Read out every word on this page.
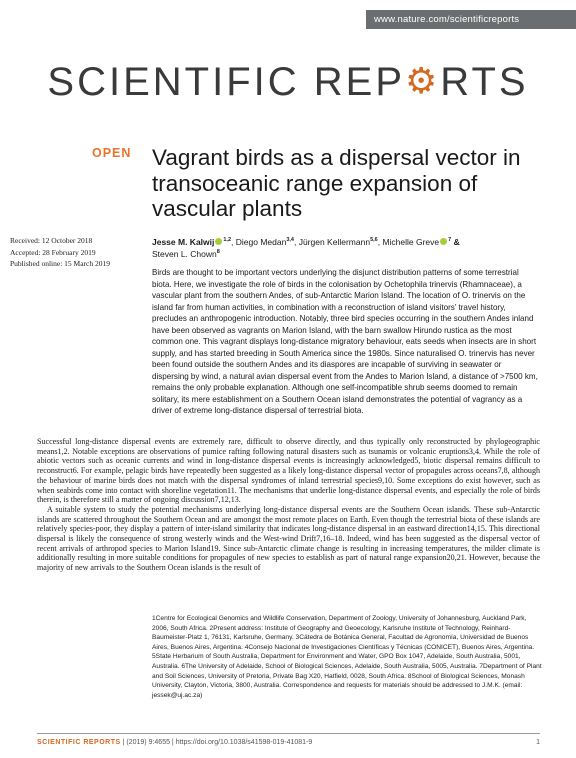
www.nature.com/scientificreports
SCIENTIFIC REP⚙RTS
OPEN Vagrant birds as a dispersal vector in transoceanic range expansion of vascular plants
Received: 12 October 2018
Accepted: 28 February 2019
Published online: 15 March 2019
Jesse M. Kalwij $^{1,2}$, Diego Medan$^{3,4}$, Jürgen Kellermann$^{5,6}$, Michelle Greve $^7$ &
Steven L. Chown$^8$
Birds are thought to be important vectors underlying the disjunct distribution patterns of some terrestrial biota. Here, we investigate the role of birds in the colonisation by Ochetophila trinervis (Rhamnaceae), a vascular plant from the southern Andes, of sub-Antarctic Marion Island. The location of O. trinervis on the island far from human activities, in combination with a reconstruction of island visitors’ travel history, precludes an anthropogenic introduction. Notably, three bird species occurring in the southern Andes inland have been observed as vagrants on Marion Island, with the barn swallow Hirundo rustica as the most common one. This vagrant displays long-distance migratory behaviour, eats seeds when insects are in short supply, and has started breeding in South America since the 1980s. Since naturalised O. trinervis has never been found outside the southern Andes and its diaspores are incapable of surviving in seawater or dispersing by wind, a natural avian dispersal event from the Andes to Marion Island, a distance of >7500 km, remains the only probable explanation. Although one self-incompatible shrub seems doomed to remain solitary, its mere establishment on a Southern Ocean island demonstrates the potential of vagrancy as a driver of extreme long-distance dispersal of terrestrial biota.

Successful long-distance dispersal events are extremely rare, difficult to observe directly, and thus typically only reconstructed by phylogeographic means1,2. Notable exceptions are observations of pumice rafting following natural disasters such as tsunamis or volcanic eruptions3,4. While the role of abiotic vectors such as oceanic currents and wind in long-distance dispersal events is increasingly acknowledged5, biotic dispersal remains difficult to reconstruct6. For example, pelagic birds have repeatedly been suggested as a likely long-distance dispersal vector of propagules across oceans7,8, although the behaviour of marine birds does not match with the dispersal syndromes of inland terrestrial species9,10. Some exceptions do exist however, such as when seabirds come into contact with shoreline vegetation11. The mechanisms that underlie long-distance dispersal events, and especially the role of birds therein, is therefore still a matter of ongoing discussion7,12,13.

A suitable system to study the potential mechanisms underlying long-distance dispersal events are the Southern Ocean islands. These sub-Antarctic islands are scattered throughout the Southern Ocean and are amongst the most remote places on Earth. Even though the terrestrial biota of these islands are relatively species-poor, they display a pattern of inter-island similarity that indicates long-distance dispersal in an eastward direction14,15. This directional dispersal is likely the consequence of strong westerly winds and the West-wind Drift7,16–18. Indeed, wind has been suggested as the dispersal vector of recent arrivals of arthropod species to Marion Island19. Since sub-Antarctic climate change is resulting in increasing temperatures, the milder climate is additionally resulting in more suitable conditions for propagules of new species to establish as part of natural range expansion20,21. However, because the majority of new arrivals to the Southern Ocean islands is the result of

1Centre for Ecological Genomics and Wildlife Conservation, Department of Zoology, University of Johannesburg, Auckland Park, 2006, South Africa. 2Present address: Institute of Geography and Geoecology, Karlsruhe Institute of Technology, Reinhard-Baumeister-Platz 1, 76131, Karlsruhe, Germany. 3Cátedra de Botánica General, Facultad de Agronomía, Universidad de Buenos Aires, Buenos Aires, Argentina. 4Consejo Nacional de Investigaciones Científicas y Técnicas (CONICET), Buenos Aires, Argentina. 5State Herbarium of South Australia, Department for Environment and Water, GPO Box 1047, Adelaide, South Australia, 5001, Australia. 6The University of Adelaide, School of Biological Sciences, Adelaide, South Australia, 5005, Australia. 7Department of Plant and Soil Sciences, University of Pretoria, Private Bag X20, Hatfield, 0028, South Africa. 8School of Biological Sciences, Monash University, Clayton, Victoria, 3800, Australia. Correspondence and requests for materials should be addressed to J.M.K. (email: jessek@uj.ac.za)
SCIENTIFIC REPORTS | (2019) 9:4655 | https://doi.org/10.1038/s41598-019-41081-9	1
